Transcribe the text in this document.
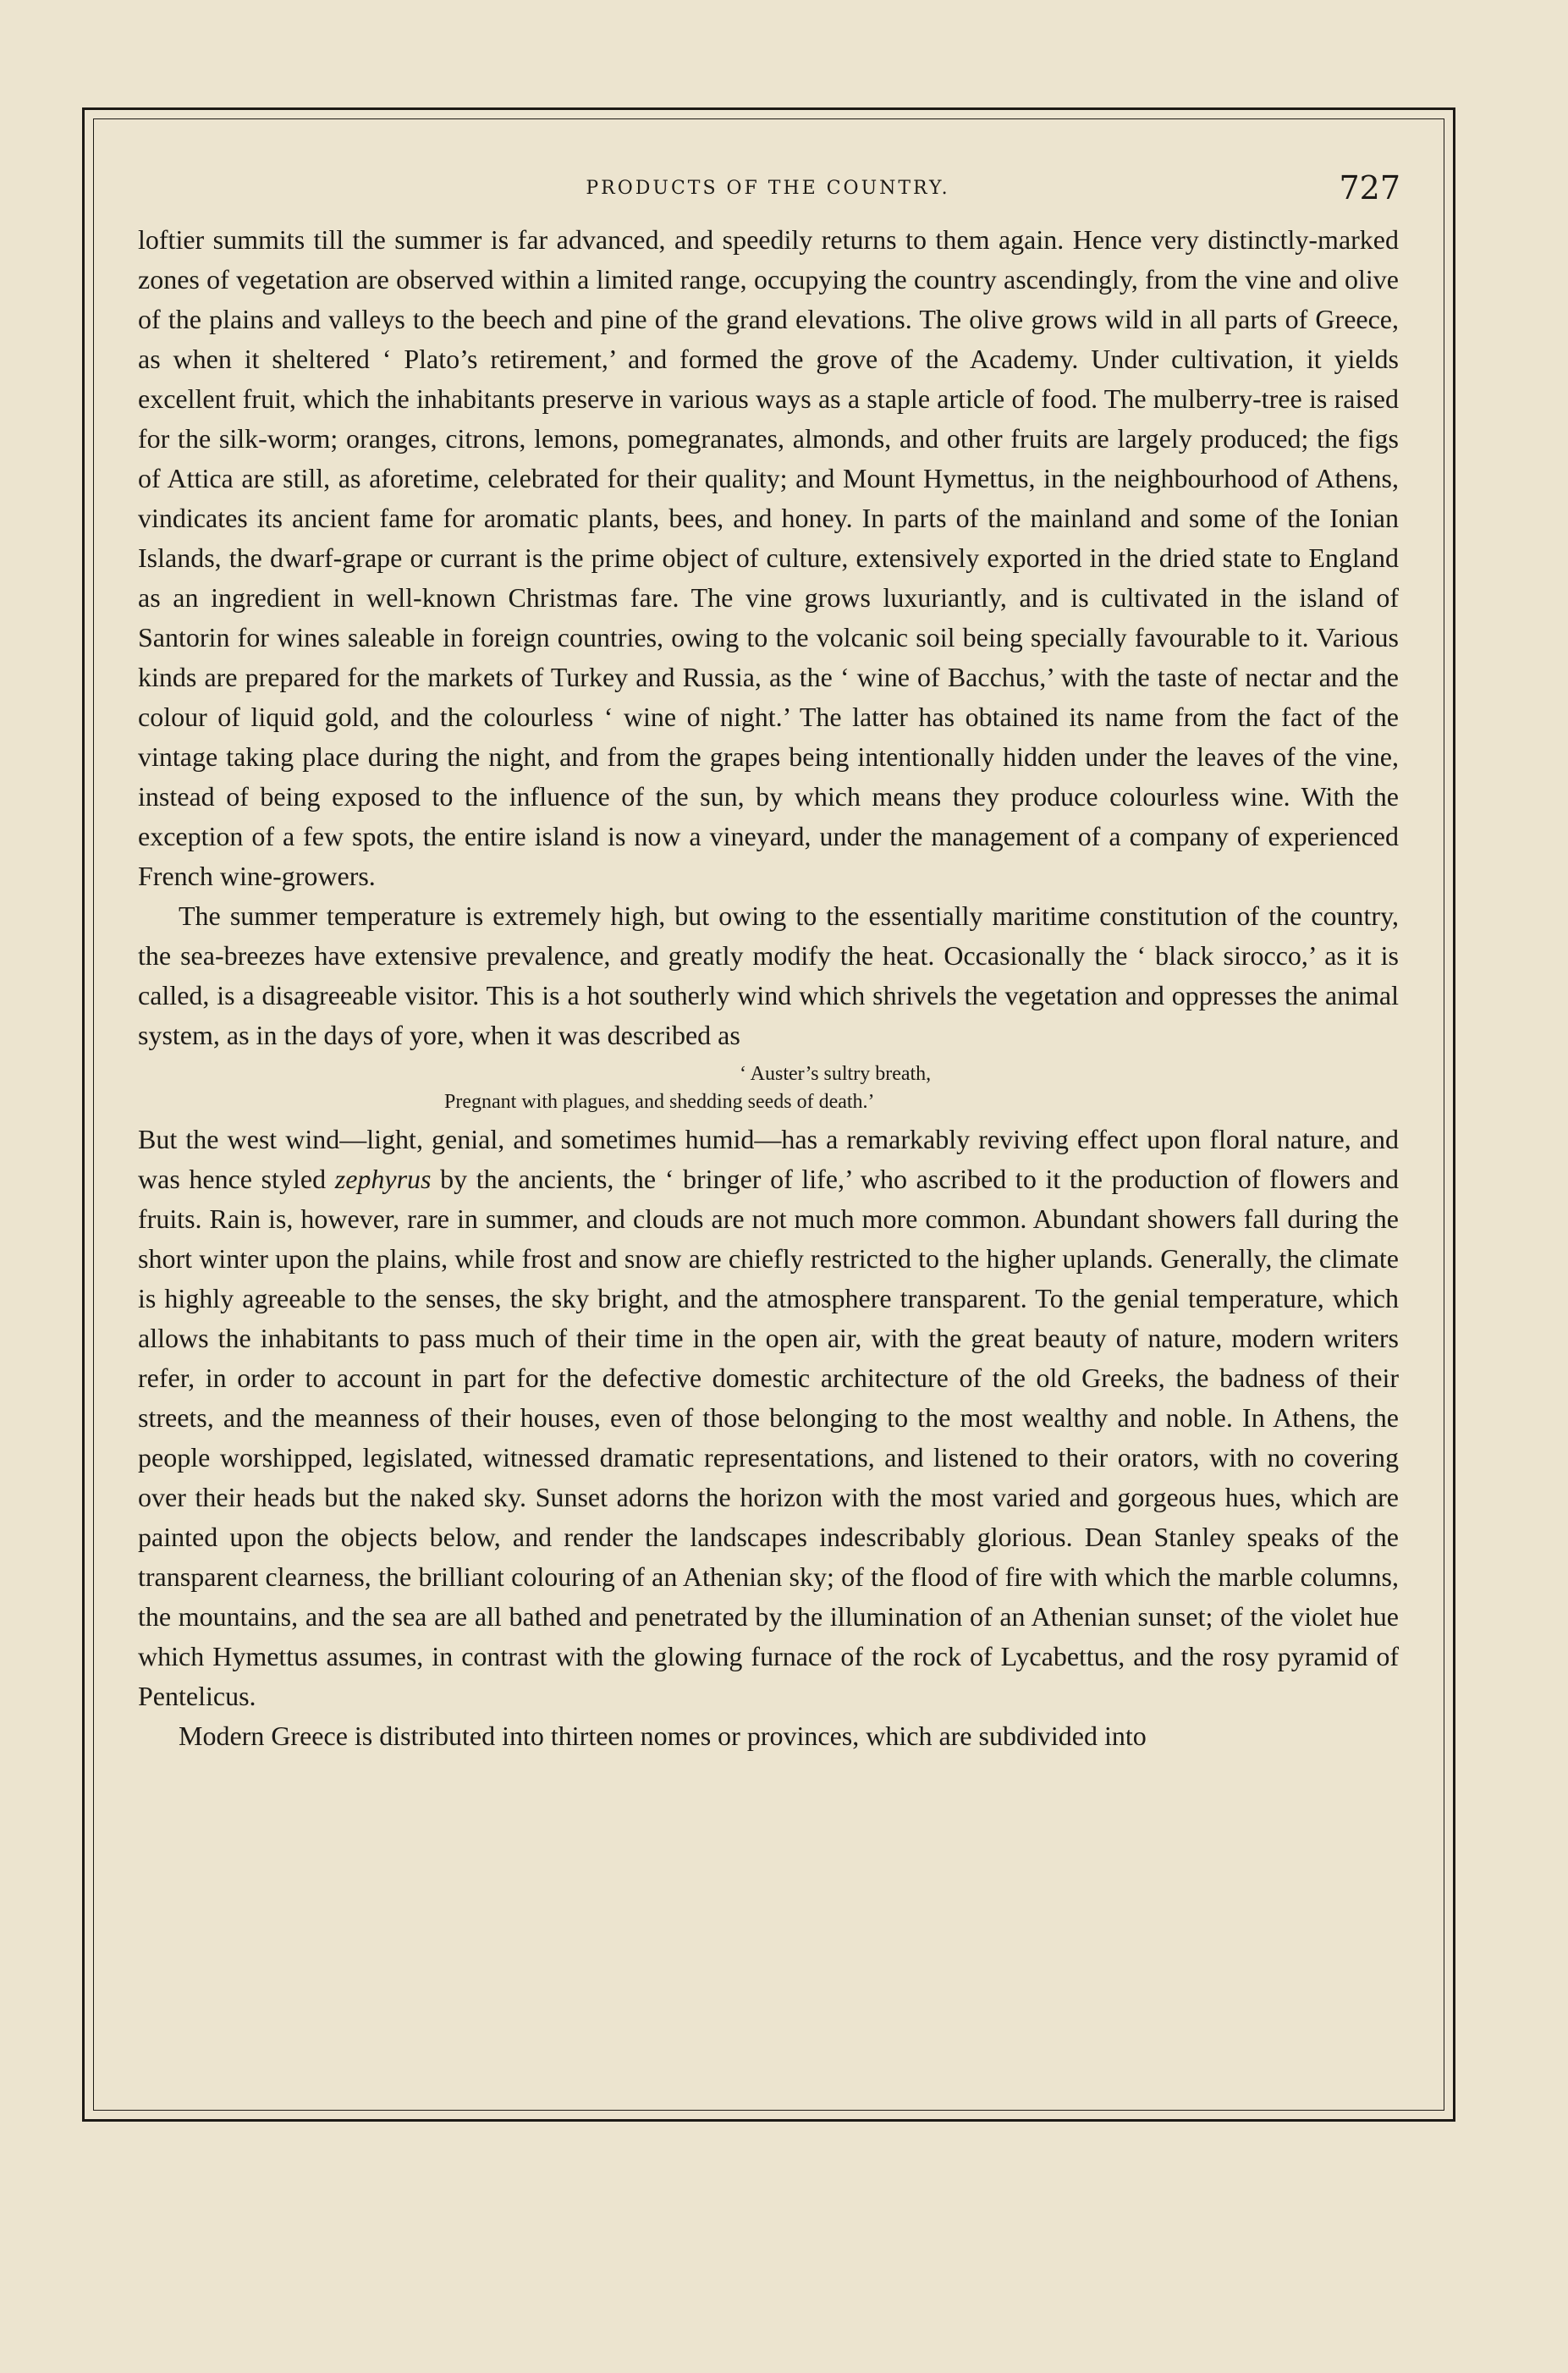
PRODUCTS OF THE COUNTRY.	727

loftier summits till the summer is far advanced, and speedily returns to them again. Hence very distinctly-marked zones of vegetation are observed within a limited range, occupying the country ascendingly, from the vine and olive of the plains and valleys to the beech and pine of the grand elevations. The olive grows wild in all parts of Greece, as when it sheltered ‘ Plato’s retirement,’ and formed the grove of the Academy. Under cultivation, it yields excellent fruit, which the inhabitants preserve in various ways as a staple article of food. The mulberry-tree is raised for the silk-worm; oranges, citrons, lemons, pomegranates, almonds, and other fruits are largely produced; the figs of Attica are still, as aforetime, celebrated for their quality; and Mount Hymettus, in the neighbourhood of Athens, vindicates its ancient fame for aromatic plants, bees, and honey. In parts of the mainland and some of the Ionian Islands, the dwarf-grape or currant is the prime object of culture, extensively exported in the dried state to England as an ingredient in well-known Christmas fare. The vine grows luxuriantly, and is cultivated in the island of Santorin for wines saleable in foreign countries, owing to the volcanic soil being specially favourable to it. Various kinds are prepared for the markets of Turkey and Russia, as the ‘ wine of Bacchus,’ with the taste of nectar and the colour of liquid gold, and the colourless ‘ wine of night.’ The latter has obtained its name from the fact of the vintage taking place during the night, and from the grapes being intentionally hidden under the leaves of the vine, instead of being exposed to the influence of the sun, by which means they produce colourless wine. With the exception of a few spots, the entire island is now a vineyard, under the management of a company of experienced French wine-growers.

The summer temperature is extremely high, but owing to the essentially maritime constitution of the country, the sea-breezes have extensive prevalence, and greatly modify the heat. Occasionally the ‘ black sirocco,’ as it is called, is a disagreeable visitor. This is a hot southerly wind which shrivels the vegetation and oppresses the animal system, as in the days of yore, when it was described as

‘ Auster’s sultry breath,
Pregnant with plagues, and shedding seeds of death.’

But the west wind—light, genial, and sometimes humid—has a remarkably reviving effect upon floral nature, and was hence styled zephyrus by the ancients, the ‘ bringer of life,’ who ascribed to it the production of flowers and fruits. Rain is, however, rare in summer, and clouds are not much more common. Abundant showers fall during the short winter upon the plains, while frost and snow are chiefly restricted to the higher uplands. Generally, the climate is highly agreeable to the senses, the sky bright, and the atmosphere transparent. To the genial temperature, which allows the inhabitants to pass much of their time in the open air, with the great beauty of nature, modern writers refer, in order to account in part for the defective domestic architecture of the old Greeks, the badness of their streets, and the meanness of their houses, even of those belonging to the most wealthy and noble. In Athens, the people worshipped, legislated, witnessed dramatic representations, and listened to their orators, with no covering over their heads but the naked sky. Sunset adorns the horizon with the most varied and gorgeous hues, which are painted upon the objects below, and render the landscapes indescribably glorious. Dean Stanley speaks of the transparent clearness, the brilliant colouring of an Athenian sky; of the flood of fire with which the marble columns, the mountains, and the sea are all bathed and penetrated by the illumination of an Athenian sunset; of the violet hue which Hymettus assumes, in contrast with the glowing furnace of the rock of Lycabettus, and the rosy pyramid of Pentelicus.

Modern Greece is distributed into thirteen nomes or provinces, which are subdivided into
